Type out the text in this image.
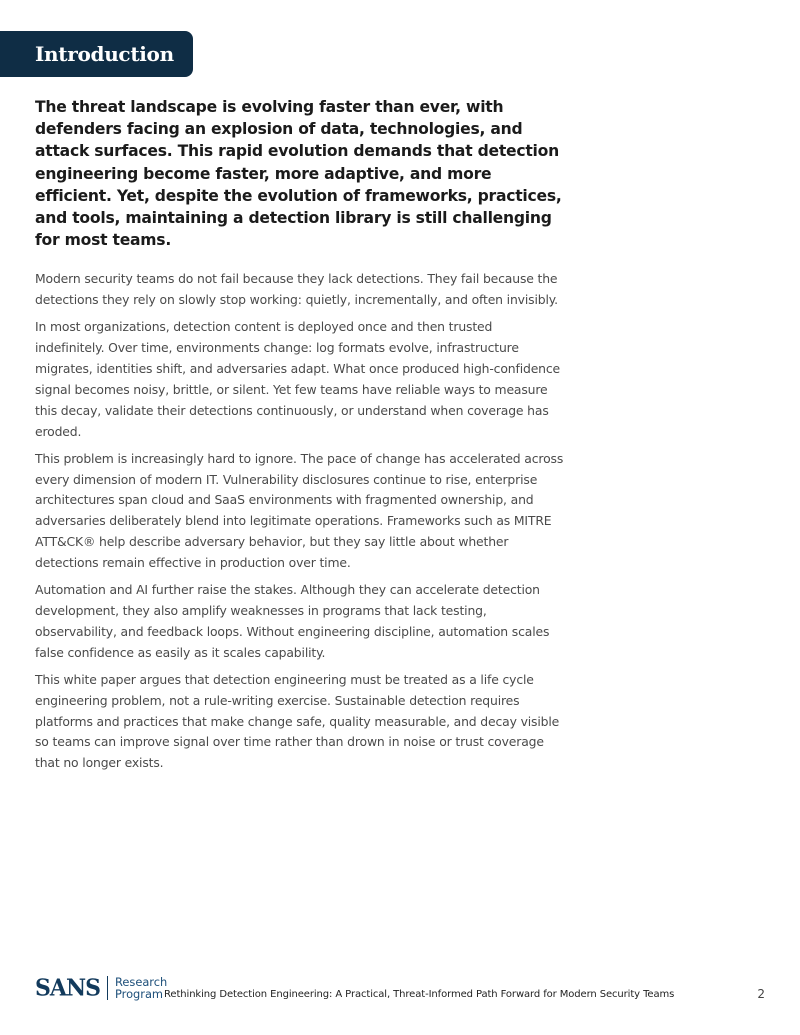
Introduction

The threat landscape is evolving faster than ever, with defenders facing an explosion of data, technologies, and attack surfaces. This rapid evolution demands that detection engineering become faster, more adaptive, and more efficient. Yet, despite the evolution of frameworks, practices, and tools, maintaining a detection library is still challenging for most teams.

Modern security teams do not fail because they lack detections. They fail because the detections they rely on slowly stop working: quietly, incrementally, and often invisibly.

In most organizations, detection content is deployed once and then trusted indefinitely. Over time, environments change: log formats evolve, infrastructure migrates, identities shift, and adversaries adapt. What once produced high-confidence signal becomes noisy, brittle, or silent. Yet few teams have reliable ways to measure this decay, validate their detections continuously, or understand when coverage has eroded.

This problem is increasingly hard to ignore. The pace of change has accelerated across every dimension of modern IT. Vulnerability disclosures continue to rise, enterprise architectures span cloud and SaaS environments with fragmented ownership, and adversaries deliberately blend into legitimate operations. Frameworks such as MITRE ATT&CK® help describe adversary behavior, but they say little about whether detections remain effective in production over time.

Automation and AI further raise the stakes. Although they can accelerate detection development, they also amplify weaknesses in programs that lack testing, observability, and feedback loops. Without engineering discipline, automation scales false confidence as easily as it scales capability.

This white paper argues that detection engineering must be treated as a life cycle engineering problem, not a rule-writing exercise. Sustainable detection requires platforms and practices that make change safe, quality measurable, and decay visible so teams can improve signal over time rather than drown in noise or trust coverage that no longer exists.

SANS Research
Program Rethinking Detection Engineering: A Practical, Threat-Informed Path Forward for Modern Security Teams	2
